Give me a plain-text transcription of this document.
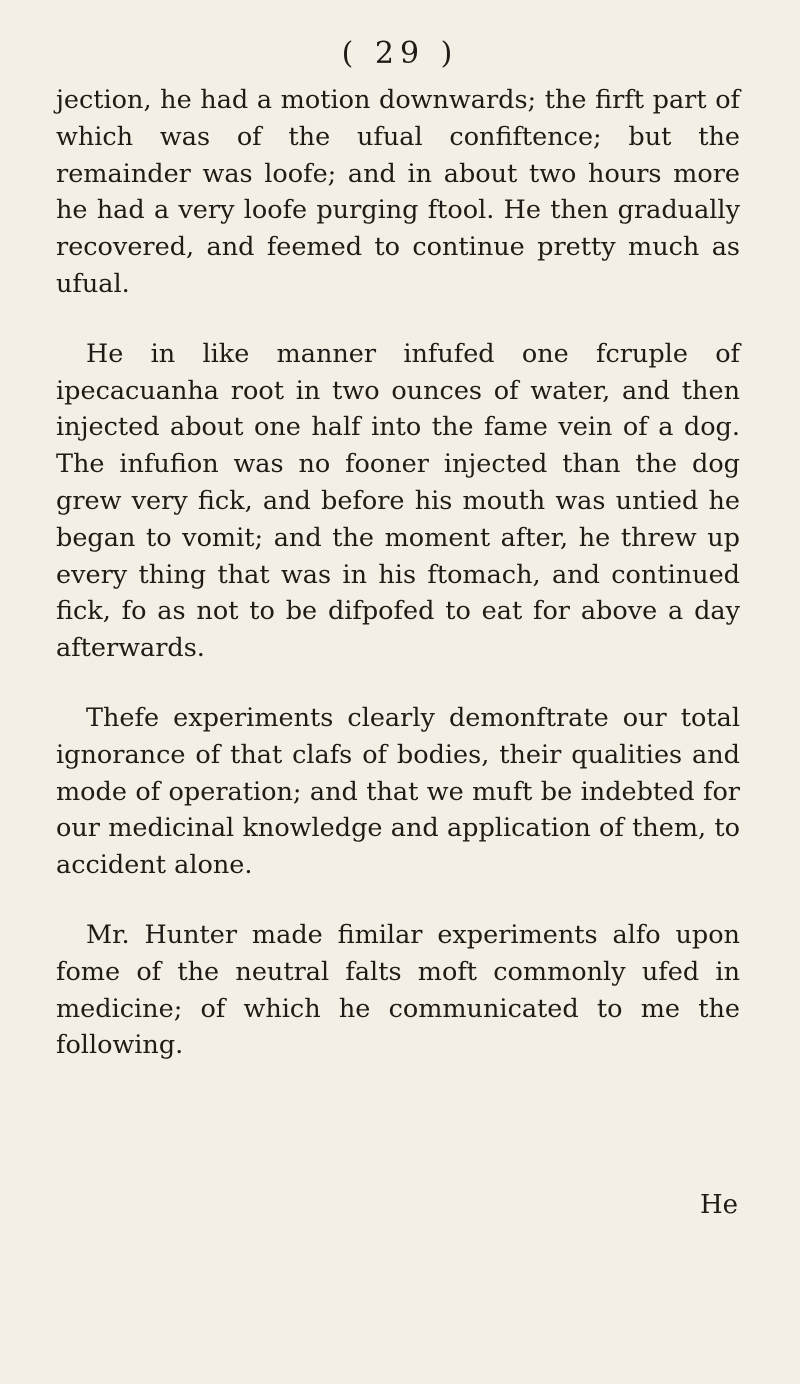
( 29 )

jection, he had a motion downwards; the firft part of which was of the ufual confiftence; but the remainder was loofe; and in about two hours more he had a very loofe purging ftool. He then gradually recovered, and feemed to continue pretty much as ufual.

He in like manner infufed one fcruple of ipecacuanha root in two ounces of water, and then injected about one half into the fame vein of a dog. The infufion was no fooner injected than the dog grew very fick, and before his mouth was untied he began to vomit; and the moment after, he threw up every thing that was in his ftomach, and continued fick, fo as not to be difpofed to eat for above a day afterwards.

Thefe experiments clearly demonftrate our total ignorance of that clafs of bodies, their qualities and mode of operation; and that we muft be indebted for our medicinal knowledge and application of them, to accident alone.

Mr. Hunter made fimilar experiments alfo upon fome of the neutral falts moft commonly ufed in medicine; of which he communicated to me the following.

He
